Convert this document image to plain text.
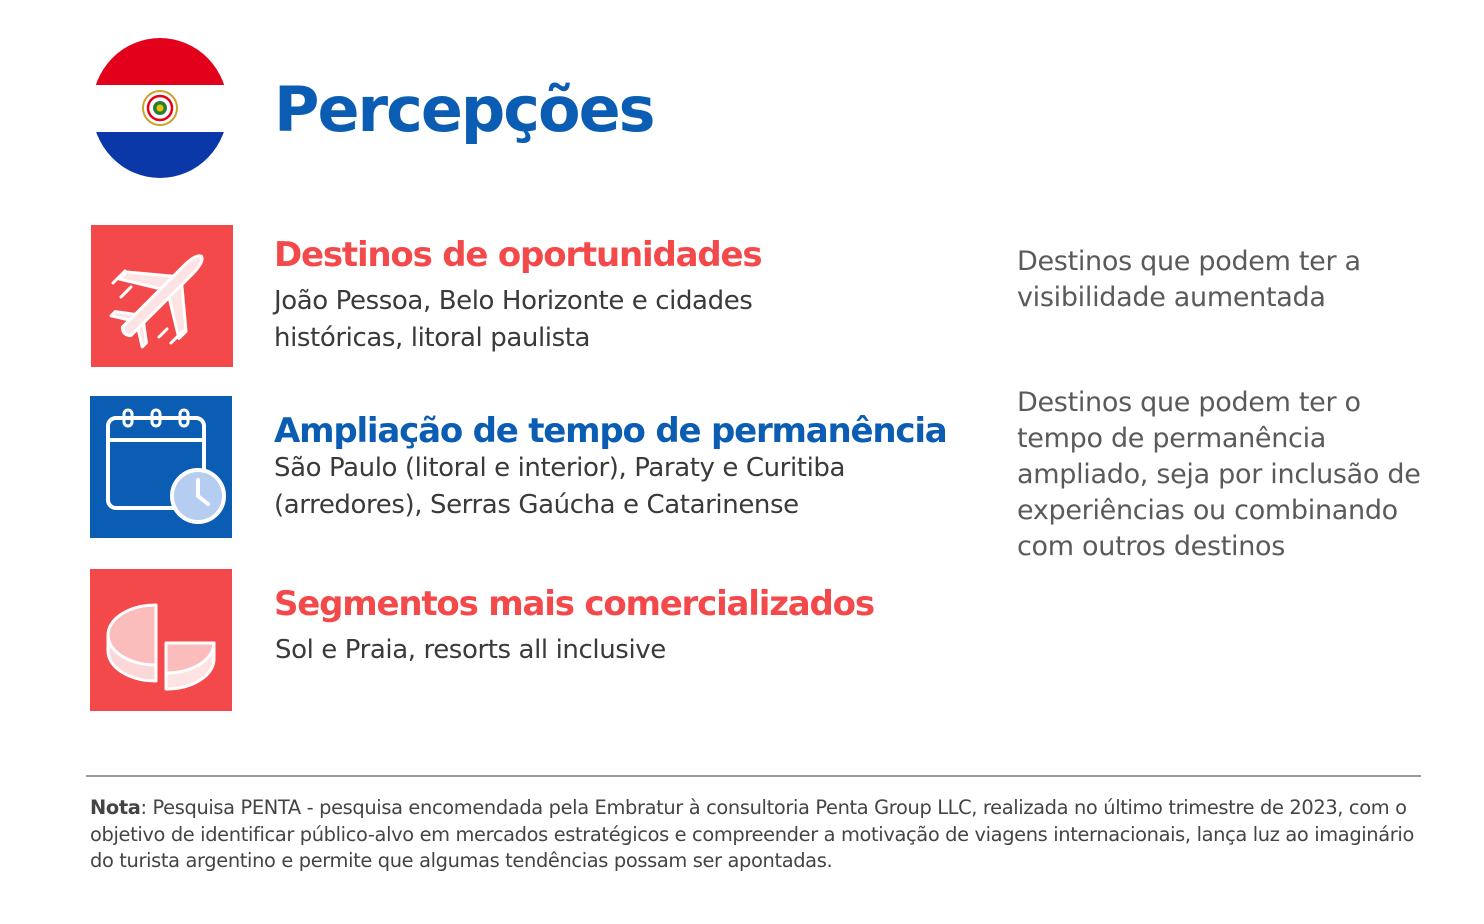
Percepções
Destinos de oportunidades
João Pessoa, Belo Horizonte e cidades
históricas, litoral paulista
Ampliação de tempo de permanência
São Paulo (litoral e interior), Paraty e Curitiba
(arredores), Serras Gaúcha e Catarinense
Segmentos mais comercializados
Sol e Praia, resorts all inclusive
Destinos que podem ter a
visibilidade aumentada
Destinos que podem ter o
tempo de permanência
ampliado, seja por inclusão de
experiências ou combinando
com outros destinos
Nota: Pesquisa PENTA - pesquisa encomendada pela Embratur à consultoria Penta Group LLC, realizada no último trimestre de 2023, com o objetivo de identificar público-alvo em mercados estratégicos e compreender a motivação de viagens internacionais, lança luz ao imaginário do turista argentino e permite que algumas tendências possam ser apontadas.
